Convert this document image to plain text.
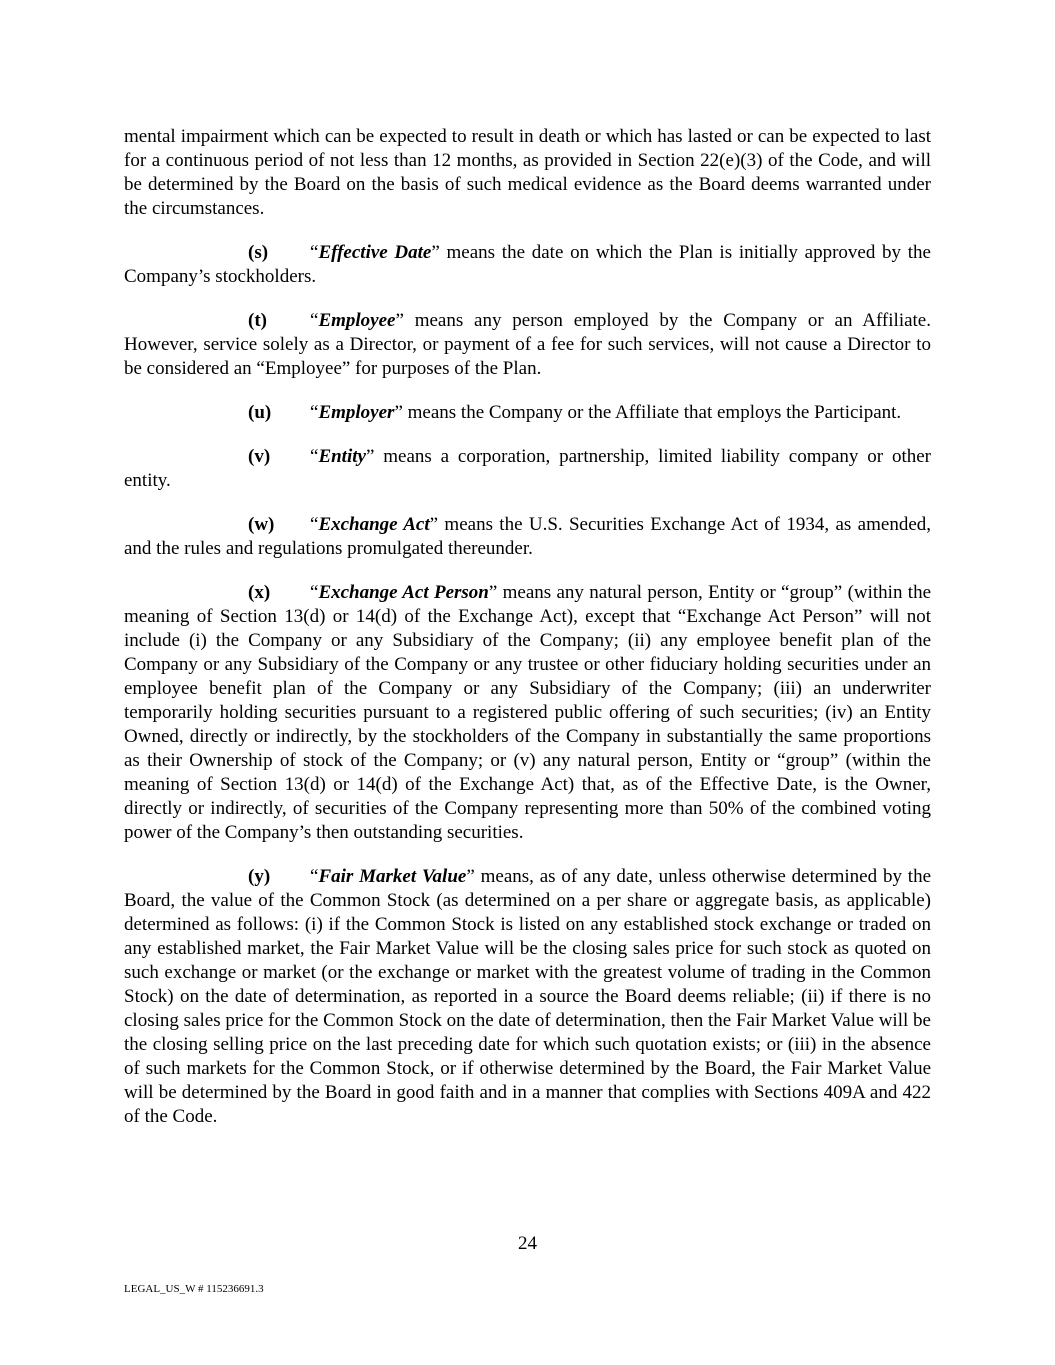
mental impairment which can be expected to result in death or which has lasted or can be expected to last for a continuous period of not less than 12 months, as provided in Section 22(e)(3) of the Code, and will be determined by the Board on the basis of such medical evidence as the Board deems warranted under the circumstances.

(s) “Effective Date” means the date on which the Plan is initially approved by the Company’s stockholders.

(t) “Employee” means any person employed by the Company or an Affiliate. However, service solely as a Director, or payment of a fee for such services, will not cause a Director to be considered an “Employee” for purposes of the Plan.

(u) “Employer” means the Company or the Affiliate that employs the Participant.

(v) “Entity” means a corporation, partnership, limited liability company or other entity.

(w) “Exchange Act” means the U.S. Securities Exchange Act of 1934, as amended, and the rules and regulations promulgated thereunder.

(x) “Exchange Act Person” means any natural person, Entity or “group” (within the meaning of Section 13(d) or 14(d) of the Exchange Act), except that “Exchange Act Person” will not include (i) the Company or any Subsidiary of the Company; (ii) any employee benefit plan of the Company or any Subsidiary of the Company or any trustee or other fiduciary holding securities under an employee benefit plan of the Company or any Subsidiary of the Company; (iii) an underwriter temporarily holding securities pursuant to a registered public offering of such securities; (iv) an Entity Owned, directly or indirectly, by the stockholders of the Company in substantially the same proportions as their Ownership of stock of the Company; or (v) any natural person, Entity or “group” (within the meaning of Section 13(d) or 14(d) of the Exchange Act) that, as of the Effective Date, is the Owner, directly or indirectly, of securities of the Company representing more than 50% of the combined voting power of the Company’s then outstanding securities.

(y) “Fair Market Value” means, as of any date, unless otherwise determined by the Board, the value of the Common Stock (as determined on a per share or aggregate basis, as applicable) determined as follows: (i) if the Common Stock is listed on any established stock exchange or traded on any established market, the Fair Market Value will be the closing sales price for such stock as quoted on such exchange or market (or the exchange or market with the greatest volume of trading in the Common Stock) on the date of determination, as reported in a source the Board deems reliable; (ii) if there is no closing sales price for the Common Stock on the date of determination, then the Fair Market Value will be the closing selling price on the last preceding date for which such quotation exists; or (iii) in the absence of such markets for the Common Stock, or if otherwise determined by the Board, the Fair Market Value will be determined by the Board in good faith and in a manner that complies with Sections 409A and 422 of the Code.

24
LEGAL_US_W # 115236691.3
